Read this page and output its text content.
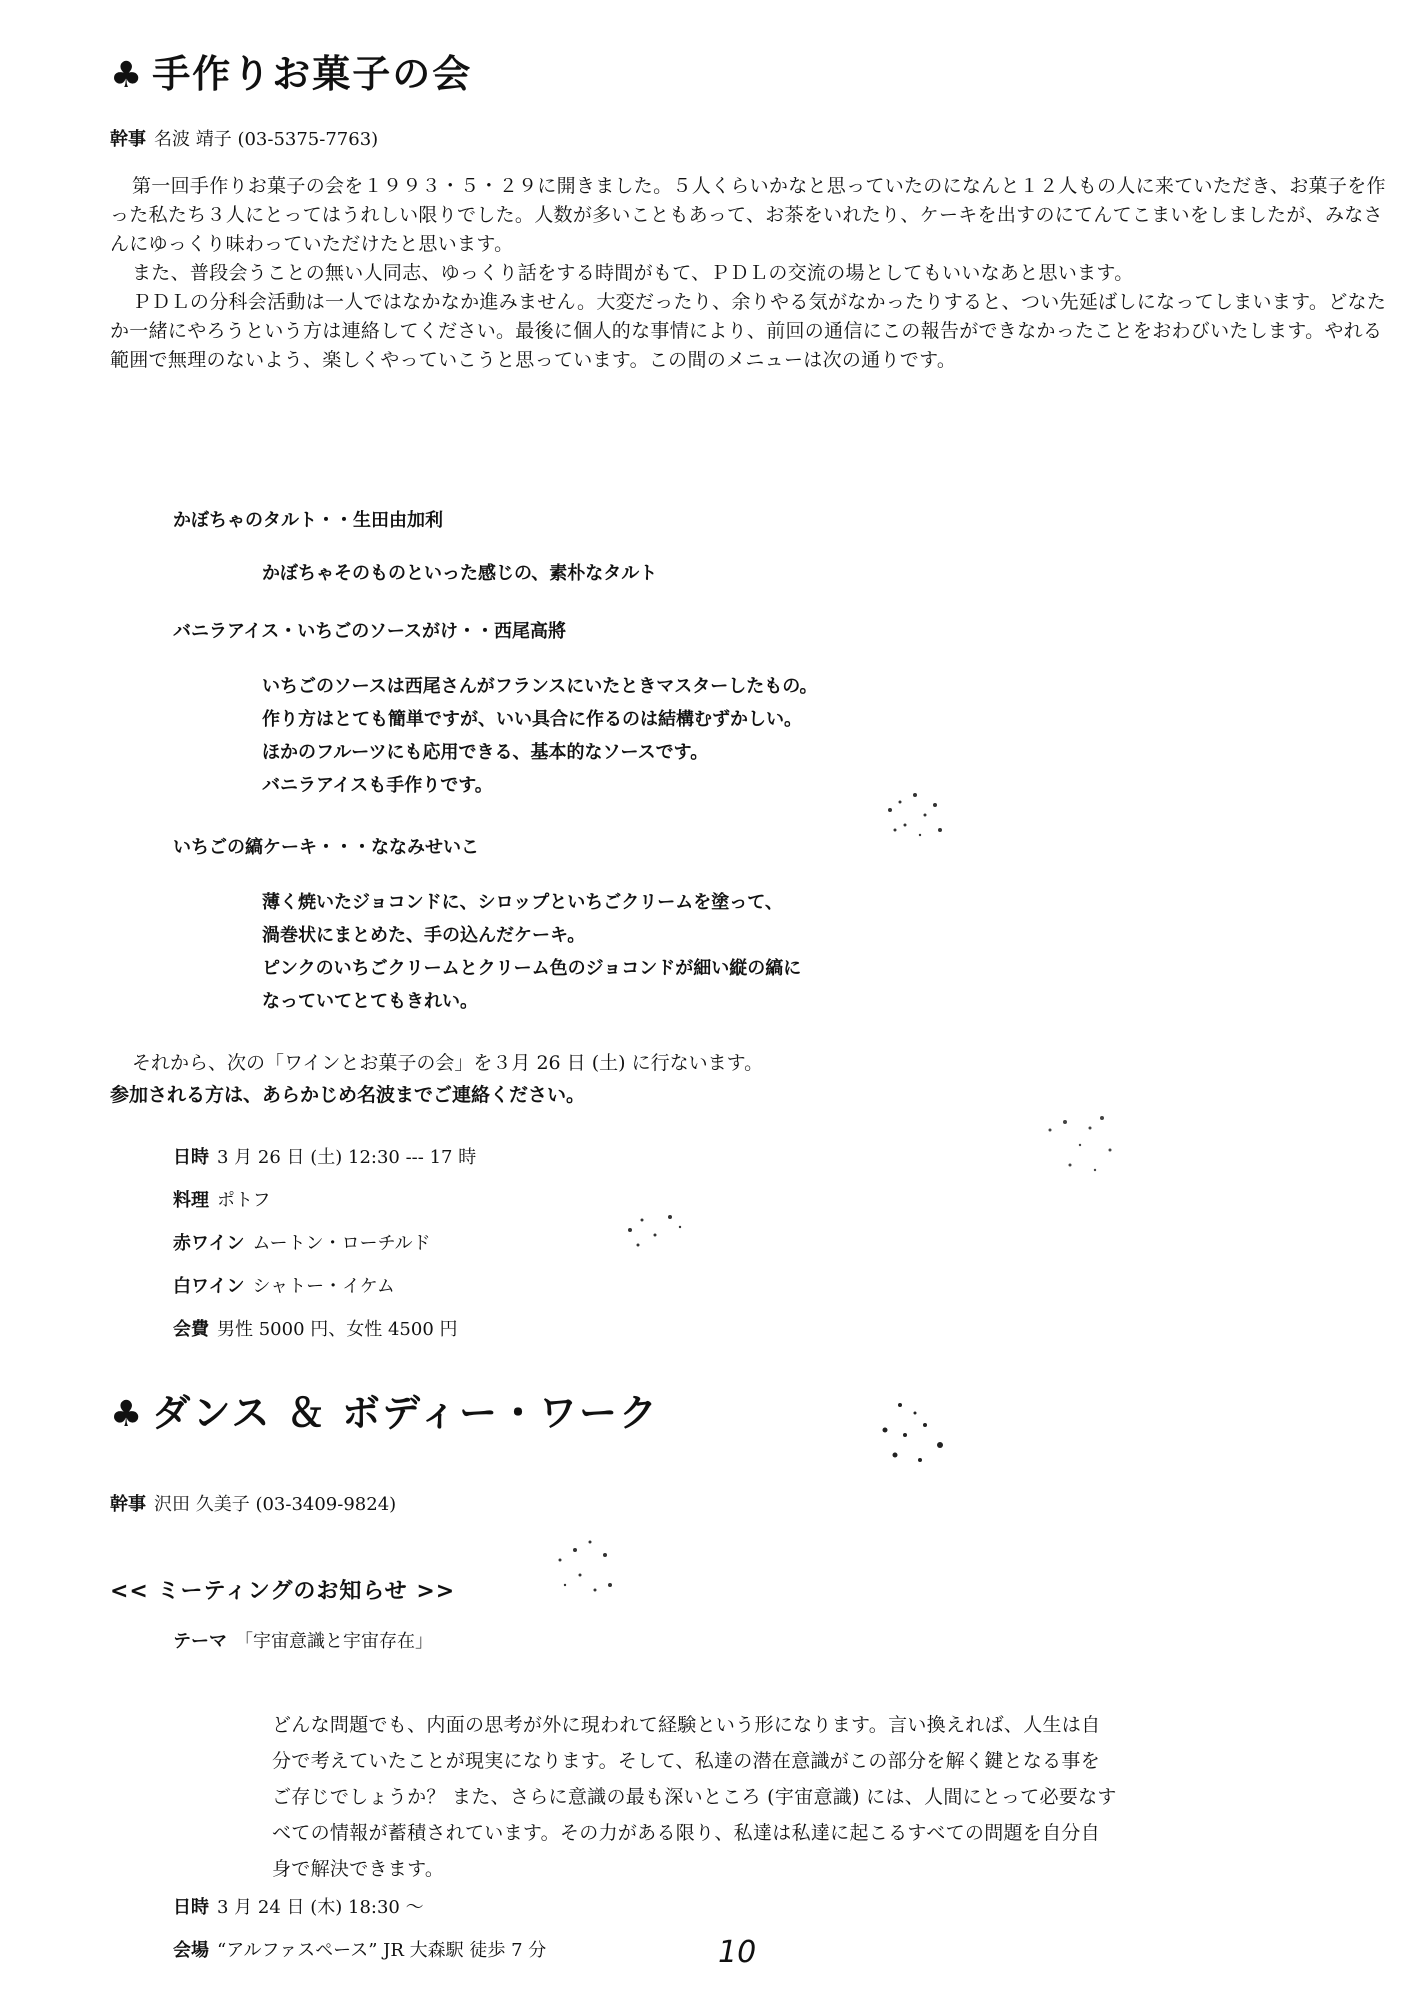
♣ 手作りお菓子の会
幹事 名波 靖子 (03-5375-7763)

第一回手作りお菓子の会を１９９３・５・２９に開きました。５人くらいかなと思っていたのになんと１２人もの人に来ていただき、お菓子を作った私たち３人にとってはうれしい限りでした。人数が多いこともあって、お茶をいれたり、ケーキを出すのにてんてこまいをしましたが、みなさんにゆっくり味わっていただけたと思います。

また、普段会うことの無い人同志、ゆっくり話をする時間がもて、ＰＤＬの交流の場としてもいいなあと思います。

ＰＤＬの分科会活動は一人ではなかなか進みません。大変だったり、余りやる気がなかったりすると、つい先延ばしになってしまいます。どなたか一緒にやろうという方は連絡してください。最後に個人的な事情により、前回の通信にこの報告ができなかったことをおわびいたします。やれる範囲で無理のないよう、楽しくやっていこうと思っています。この間のメニューは次の通りです。

かぼちゃのタルト・・生田由加利
かぼちゃそのものといった感じの、素朴なタルト
バニラアイス・いちごのソースがけ・・西尾高將
いちごのソースは西尾さんがフランスにいたときマスターしたもの。
作り方はとても簡単ですが、いい具合に作るのは結構むずかしい。
ほかのフルーツにも応用できる、基本的なソースです。
バニラアイスも手作りです。
いちごの縞ケーキ・・・ななみせいこ
薄く焼いたジョコンドに、シロップといちごクリームを塗って、
渦巻状にまとめた、手の込んだケーキ。
ピンクのいちごクリームとクリーム色のジョコンドが細い縦の縞に
なっていてとてもきれい。
それから、次の「ワインとお菓子の会」を３月 26 日 (土) に行ないます。
参加される方は、あらかじめ名波までご連絡ください。
日時 3 月 26 日 (土) 12:30 --- 17 時
料理 ポトフ
赤ワイン ムートン・ローチルド
白ワイン シャトー・イケム
会費 男性 5000 円、女性 4500 円
♣ ダンス ＆ ボディー・ワーク
幹事 沢田 久美子 (03-3409-9824)
<< ミーティングのお知らせ >>
テーマ 「宇宙意識と宇宙存在」
どんな問題でも、内面の思考が外に現われて経験という形になります。言い換えれば、人生は自
分で考えていたことが現実になります。そして、私達の潜在意識がこの部分を解く鍵となる事を
ご存じでしょうか？ また、さらに意識の最も深いところ (宇宙意識) には、人間にとって必要なす
べての情報が蓄積されています。その力がある限り、私達は私達に起こるすべての問題を自分自
身で解決できます。
日時 3 月 24 日 (木) 18:30 〜
会場 “アルファスペース” JR 大森駅 徒歩 7 分	10
